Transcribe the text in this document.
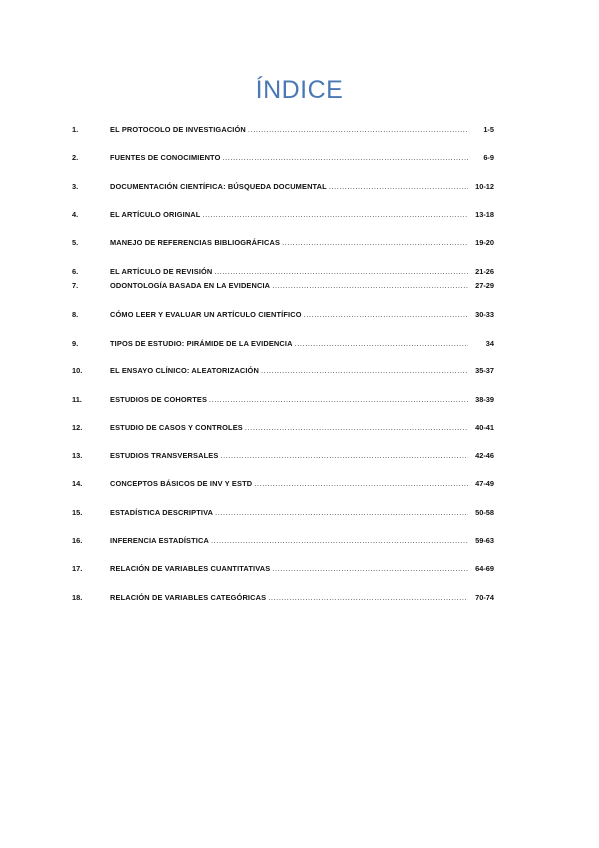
ÍNDICE
1.	EL PROTOCOLO DE INVESTIGACIÓN .....	1-5
2.	FUENTES DE CONOCIMIENTO .....	6-9
3.	DOCUMENTACIÓN CIENTÍFICA: BÚSQUEDA DOCUMENTAL .....	10-12
4.	EL ARTÍCULO ORIGINAL .....	13-18
5.	MANEJO DE REFERENCIAS BIBLIOGRÁFICAS .....	19-20
6.	EL ARTÍCULO DE REVISIÓN .....	21-26
7.	ODONTOLOGÍA BASADA EN LA EVIDENCIA .....	27-29
8.	CÓMO LEER Y EVALUAR UN ARTÍCULO CIENTÍFICO .....	30-33
9.	TIPOS DE ESTUDIO: PIRÁMIDE DE LA EVIDENCIA .....	34
10.	EL ENSAYO CLÍNICO: ALEATORIZACIÓN .....	35-37
11.	ESTUDIOS DE COHORTES .....	38-39
12.	ESTUDIO DE CASOS Y CONTROLES .....	40-41
13.	ESTUDIOS TRANSVERSALES .....	42-46
14.	CONCEPTOS BÁSICOS DE INV Y ESTD .....	47-49
15.	ESTADÍSTICA DESCRIPTIVA .....	50-58
16.	INFERENCIA ESTADÍSTICA .....	59-63
17.	RELACIÓN DE VARIABLES CUANTITATIVAS .....	64-69
18.	RELACIÓN DE VARIABLES CATEGÓRICAS .....	70-74
